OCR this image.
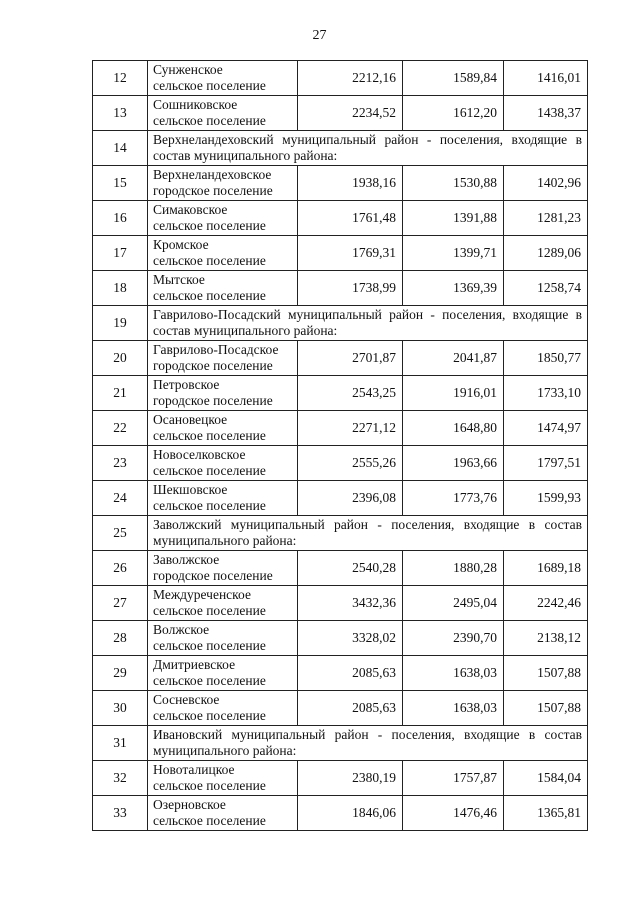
27
12	Сунженское
сельское поселение	2212,16	1589,84	1416,01
13	Сошниковское
сельское поселение	2234,52	1612,20	1438,37
14	Верхнеландеховский муниципальный район - поселения, входящие в состав муниципального района:			
15	Верхнеландеховское
городское поселение	1938,16	1530,88	1402,96
16	Симаковское
сельское поселение	1761,48	1391,88	1281,23
17	Кромское
сельское поселение	1769,31	1399,71	1289,06
18	Мытское
сельское поселение	1738,99	1369,39	1258,74
19	Гаврилово-Посадский муниципальный район - поселения, входящие в состав муниципального района:			
20	Гаврилово-Посадское
городское поселение	2701,87	2041,87	1850,77
21	Петровское
городское поселение	2543,25	1916,01	1733,10
22	Осановецкое
сельское поселение	2271,12	1648,80	1474,97
23	Новоселковское
сельское поселение	2555,26	1963,66	1797,51
24	Шекшовское
сельское поселение	2396,08	1773,76	1599,93
25	Заволжский муниципальный район - поселения, входящие в состав муниципального района:			
26	Заволжское
городское поселение	2540,28	1880,28	1689,18
27	Междуреченское
сельское поселение	3432,36	2495,04	2242,46
28	Волжское
сельское поселение	3328,02	2390,70	2138,12
29	Дмитриевское
сельское поселение	2085,63	1638,03	1507,88
30	Сосневское
сельское поселение	2085,63	1638,03	1507,88
31	Ивановский муниципальный район - поселения, входящие в состав муниципального района:			
32	Новоталицкое
сельское поселение	2380,19	1757,87	1584,04
33	Озерновское
сельское поселение	1846,06	1476,46	1365,81
